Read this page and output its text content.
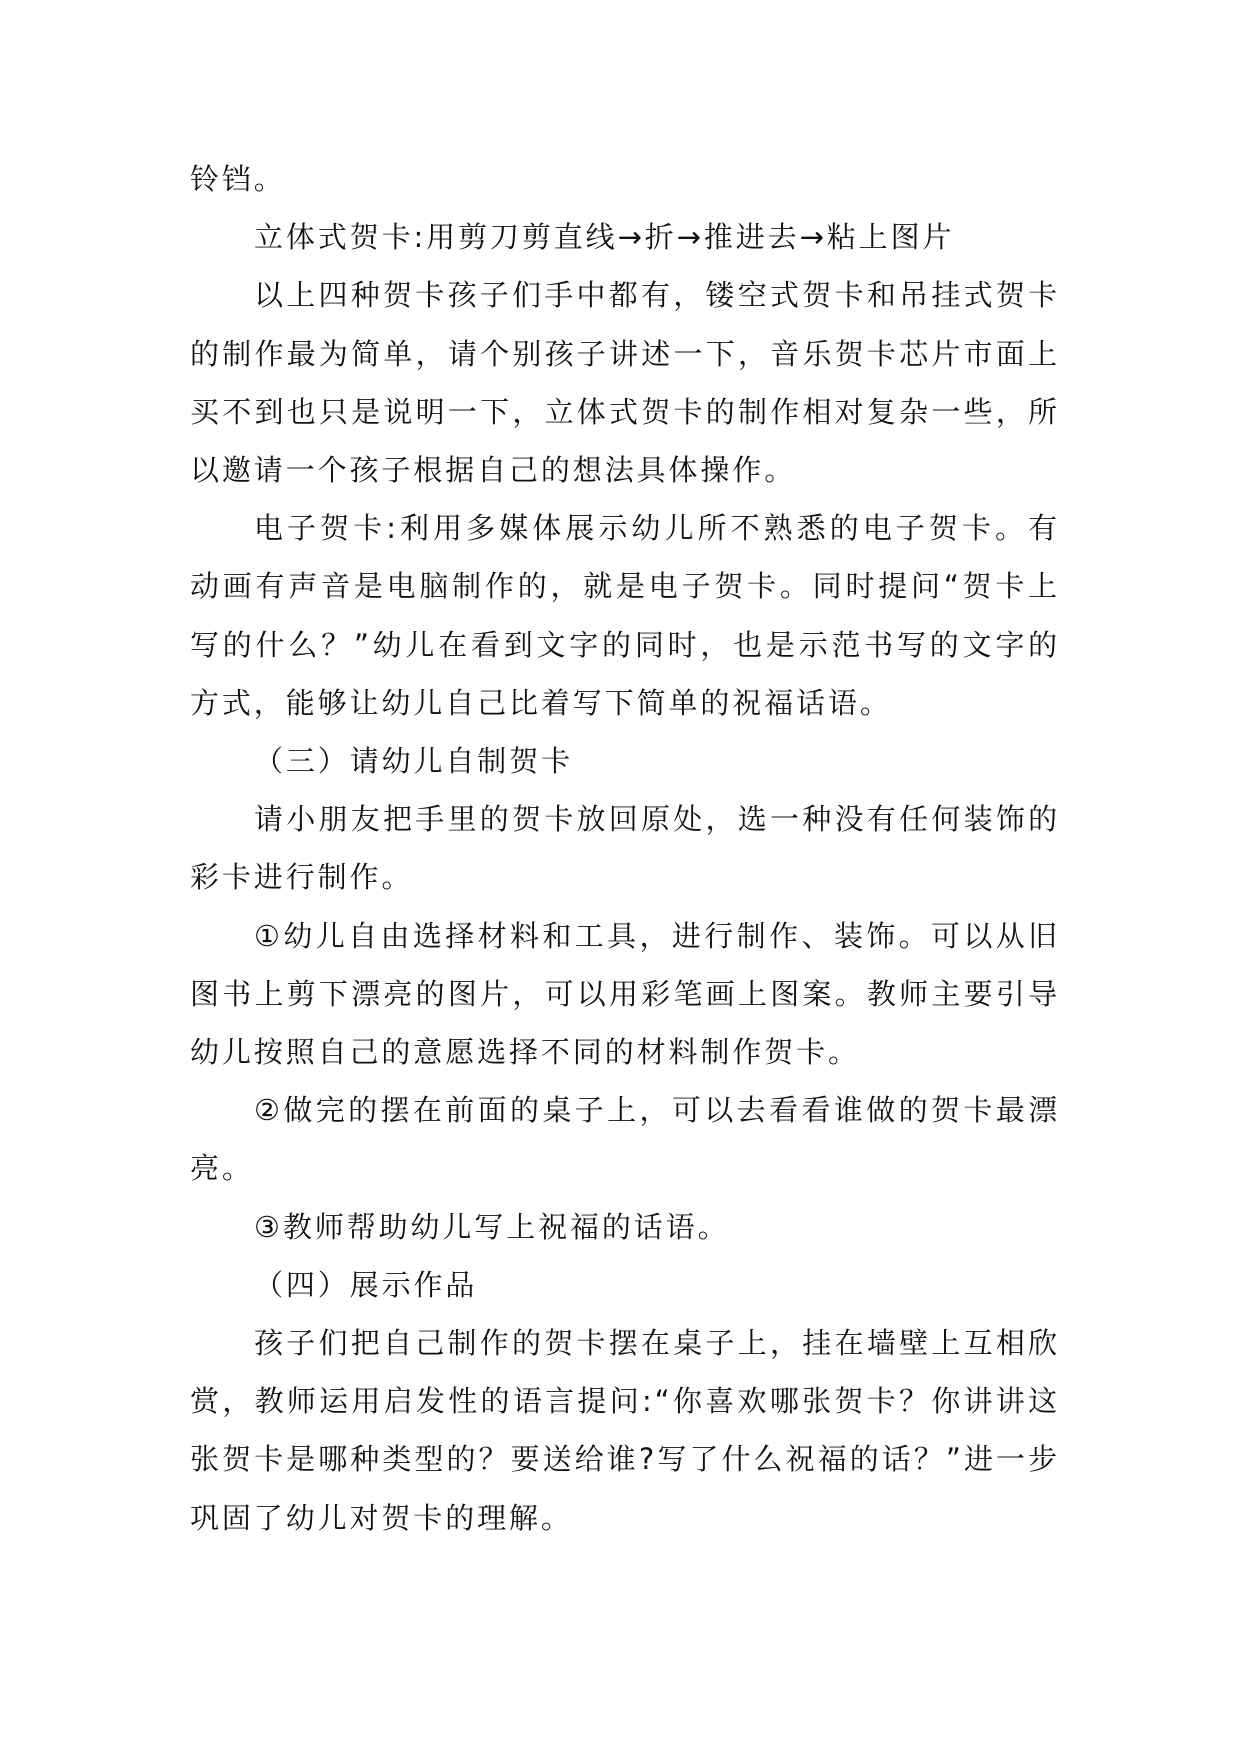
铃铛。

立体式贺卡:用剪刀剪直线→折→推进去→粘上图片

以上四种贺卡孩子们手中都有，镂空式贺卡和吊挂式贺卡的制作最为简单，请个别孩子讲述一下，音乐贺卡芯片市面上买不到也只是说明一下，立体式贺卡的制作相对复杂一些，所以邀请一个孩子根据自己的想法具体操作。

电子贺卡:利用多媒体展示幼儿所不熟悉的电子贺卡。有动画有声音是电脑制作的，就是电子贺卡。同时提问“贺卡上写的什么？”幼儿在看到文字的同时，也是示范书写的文字的方式，能够让幼儿自己比着写下简单的祝福话语。

（三）请幼儿自制贺卡

请小朋友把手里的贺卡放回原处，选一种没有任何装饰的彩卡进行制作。

①幼儿自由选择材料和工具，进行制作、装饰。可以从旧图书上剪下漂亮的图片，可以用彩笔画上图案。教师主要引导幼儿按照自己的意愿选择不同的材料制作贺卡。

②做完的摆在前面的桌子上，可以去看看谁做的贺卡最漂亮。

③教师帮助幼儿写上祝福的话语。

（四）展示作品

孩子们把自己制作的贺卡摆在桌子上，挂在墙壁上互相欣赏，教师运用启发性的语言提问:“你喜欢哪张贺卡？你讲讲这张贺卡是哪种类型的？要送给谁?写了什么祝福的话？”进一步巩固了幼儿对贺卡的理解。
